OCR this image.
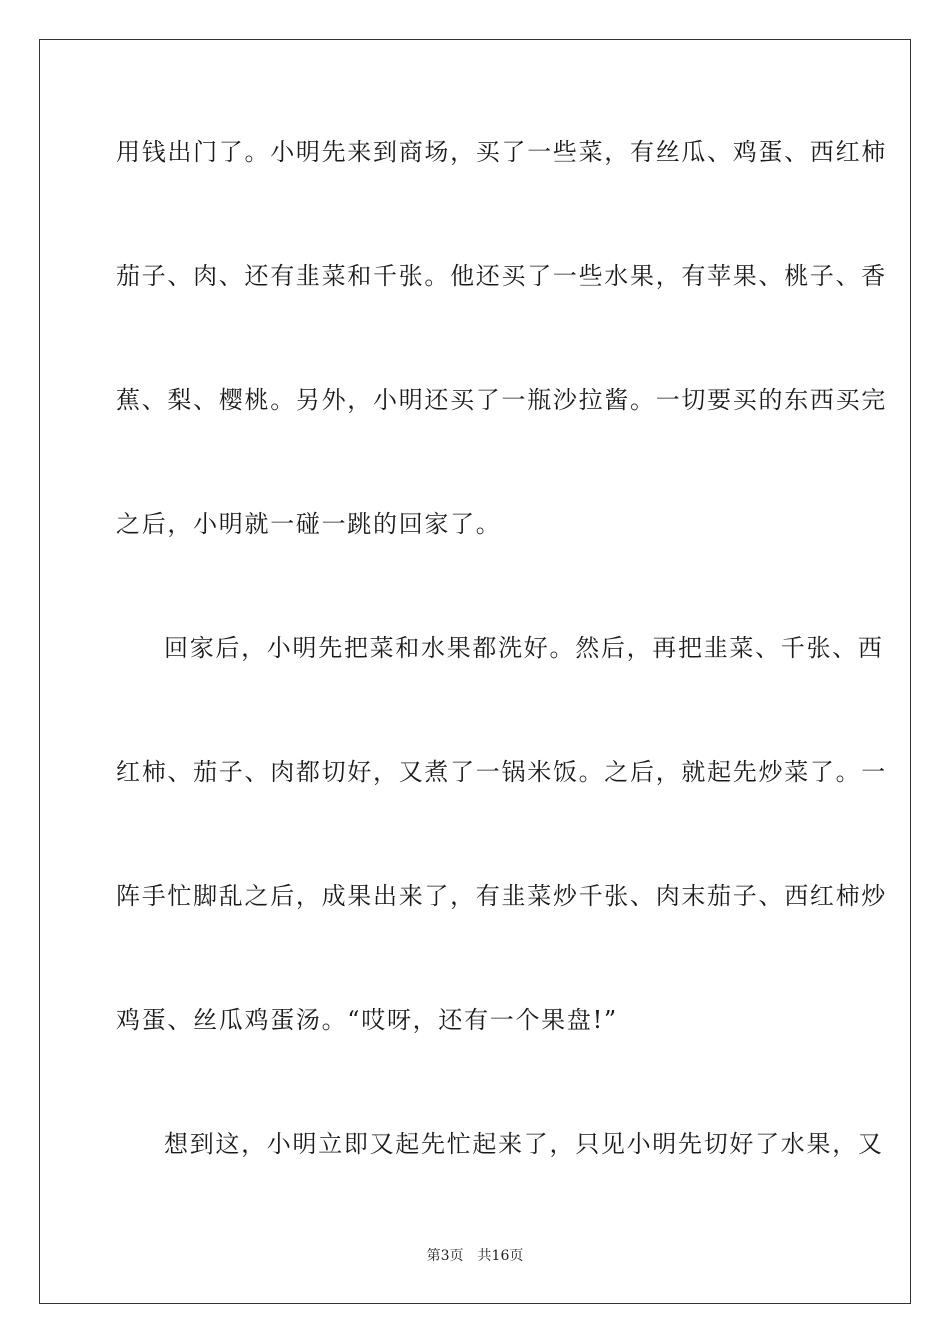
用钱出门了。小明先来到商场，买了一些菜，有丝瓜、鸡蛋、西红柿
茄子、肉、还有韭菜和千张。他还买了一些水果，有苹果、桃子、香
蕉、梨、樱桃。另外，小明还买了一瓶沙拉酱。一切要买的东西买完
之后，小明就一碰一跳的回家了。
回家后，小明先把菜和水果都洗好。然后，再把韭菜、千张、西
红柿、茄子、肉都切好，又煮了一锅米饭。之后，就起先炒菜了。一
阵手忙脚乱之后，成果出来了，有韭菜炒千张、肉末茄子、西红柿炒
鸡蛋、丝瓜鸡蛋汤。“哎呀，还有一个果盘!”
想到这，小明立即又起先忙起来了，只见小明先切好了水果，又
第3页 共16页
